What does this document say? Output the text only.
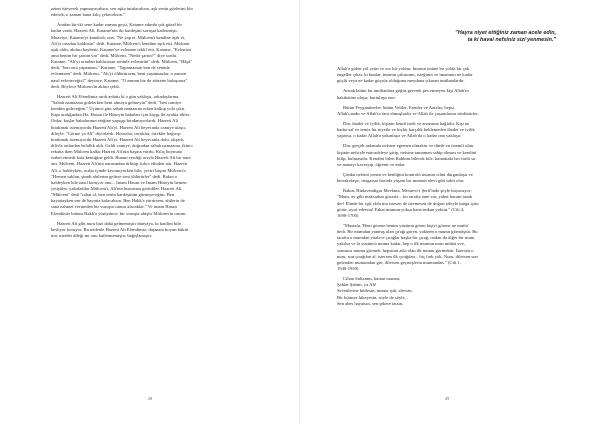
zaten isteyerek yapmayacaksın, sen aşka tutulacaksın, aşk senin gözlerini kör
edecek, o zaman bana kılıç çekeceksin."
Aradan bir-iki sene kadar zaman geçti, Katame adında çok güzel bir
kadın vardı. Hazreti Ali, Katame'nin iki kardeşini savaşta katletmişti.
Muaviye, Katame'yi kandırdı, ona, "Ne yap et, Mülcem'i kendine aşık et,
Ali'yi ortadan kaldırsın" dedi. Katame, Mülcem'i kendine aşık etti. Mülcem
aşık oldu, akılını kaybetti. Katame'ye evlenme teklif etti. Katame, "Evlenirsi
ama benim bir şartım var" dedi. Mülcem, "Nedir şartın?" diye sordu.
Katame, "Ali'yi ortadan kaldırırsan seninle evlenirim" dedi. Mülcem, "Hâşâ"
dedi, "ben onu yapamam." Katame, "Yapamazsan ben de seninle
evlenmem" dedi. Mülcem, "Ali'yi öldürürsem, beni yaşatmazlar, o zaman
nasıl evleneceğiz?" deyince, Katame, "O zaman biz de ahirette buluşuruz"
dedi. Böylece Mülcem'in aklını çeldi.
Hazreti Ali Efendimiz artık anlattı ki o gün yaklaştı, arkadaşlarına,
"Sabah namazına gidelerken beni almaya gelmeyin" dedi, "ben camiye
kendim gideceğim." Üçüncü gün sabah namazına erken kalkıp yola çıktı.
Kapı aralığından Hz. Hasan ile Hüseyin babaları için kaygı ile ayakta idiler.
Onlar, kuşlar babalarının eteğine yapışıp bırakmıyorlardı. Hazreti Ali
bırakmak istemiyordu Hazreti Ali'yi. Hazreti Ali heyecanla camiye ulaştı,
dileyle, "Götme ya Ali" diyorlardı. Horozlar, tavuklar, örtekler bağırışı
bırakmak istemiyordu Hazreti Ali'yi. Hazreti Ali heyecanla dolu, okşadı,
dilivle onlardan helallık aldı. Geldi camiye, doğrudan sabah namazına, ikinci
rekatta iken Mülcem kalktı Hazreti Ali'nin başına vurdu. Kılıç boynuna
isabet etmedi kafa kemiğine geldi. Bunun verdiği acıyla Hazreti Ali bir nara
attı. Mülcem, Hazreti Ali'nin narasından ürktüp, kılıcı elinden attı. Hazreti
Ali, o haldeyken, acılar içinde kıvranıyorken bile, çeviri başını Mülcem'e,
"Hemen saklan, şimdi ahilerim gelirse seni öldürürler" dedi. Bakın o
haldeyken bile nasıl koruyor onu... İmam Hasan ve İmam Hüseyin hemen
yetiştiler, yakaladılar Mülcem'i, Ali'nin huzuruna getirdiler. Hazreti Ali,
"Mülcem" dedi "rahat ol, ben senin kardeşinim gitmeyeceğim. Ben
hayattayken sen de hayatta kalacaksın. Ben Hakk'a yürürsem, ahilerin de
sana zahmet vermeden bir vuruşta canını alacaklar." Ve imam Hasan
Efendimiz babası Hakk'a yürüyünce, bir vuruşta ahiştir Mülcem'in canını.
Hazreti Ali gibi nuru bizi daha gelmemiştir dünyaya, ki katilini bile
besliyor koruyor. Bu nedenle Hazreti Ali Efendimiz, düşmanı boyun büktü
mü, merdet dileği mi onu katletmemiştir, bağışlamıştır.
28
"Hayra niyet ettiğiniz zaman acele edin,
ta ki havai nefsiniz sizi yenmesin."
Allah'a giden yol çetin ve zor bir yoldur. İnsanın önüne bu yolda bir çok
engeller çıkar, ki bunlar, insanın çabasının, isteğinin ve imanının ne kadar
güçlü veya ne kadar güçsüz olduğunu meydana çıkaran imtihanlardır.
Ancak bütün bu imtihanlara göğüs gererek pes etmeyen kişi Allah'ın
hakikatine ulaşır, kurtuluşa erer.
Bütün Peygamberler, bütün Veliler, Erenler ve Azizler, hepsi
Allah'ı,andır ve Allah'ta fani olmuşlardır ve Allah ile yaşamlarını sürdürürler.
Din, ibadet ve iyilik, kişinin kendi istek ve arzusuna bağlıdır. Kişi ne
kadar saf ve temiz bir niyetle ve hiçbir karşılık beklemeden ibadet ve iyilik
yaparsa, o kadar Allah'a yakınlaşır ve Allah da o kadar ona yaklaşır.
Din, gerçek anlamda nefsine egemen olmaktır ve dinde en önemli olan,
kişinin nefsiyle mücadeleye girip, nefsine tamamen sahip olması ve kendini
bilip, bulmasıdır. Kendini bilen Rabbini bilecek bile, kainattaki her türlü sır
ve manayı kavrayıp, öğrenir ve anlar.
Çünkü nefsini yenen ve benliğini kontrolü insanın cihni dürgunlaşır ve
berrakolaşır; rüzgarsız havada yaşam bir mumun alevi gibi sabit olur.
Bakın, Hüdavendigar Mevlana, Mesnevi-i Şerif'inde şöyle buyuruyor:
"Mum, ay gibi maksudun gözeriz... bu tarafta tane var, yahut buram tazak
der! Elinde bir ışık oldu mu istesen de istemesen de doğarı izleyle karga içini
görür, ayırt edersin! Fakat mumun yoksa bana imkan yoktur." (Cilt 4,
1698-1700)
"Mustafa, 'Beni görene benim yüzümü gören kişiyi görene ne mutlu'
dedi. Bir mumdan yanmış olan çırağı gören, yakinen o mumu görmüştür. Bu
tarafta o mumdan yüzlece çırağlar başka bir çırağ, ondan da diğer bir mum
yakılsa ve la yüzüncü muma kadar, hep o ilk mumun nuru mühat eve,
sonuncu mumu görmek, hepsinin asla olan ilk mumu görmektir. İstersen o
nuru, son çırağdan al, istersen ilk çırağdan... hiç fark yok. Nuru, dilersen son
gelenden mumundan gör, dilersen geçmişlerin mumundan." (Cilt 1,
1946-1950)
Cihan Sultanım, kainat maranı,
Şahlar Şahım, ya Ali!
Sevenlerine kıblesin, mumu ışık, alevsin,
Bir bütmez hikayesin, söyle de söyle...
Sen abes hayatsın, sen şekere tatsın,
29
